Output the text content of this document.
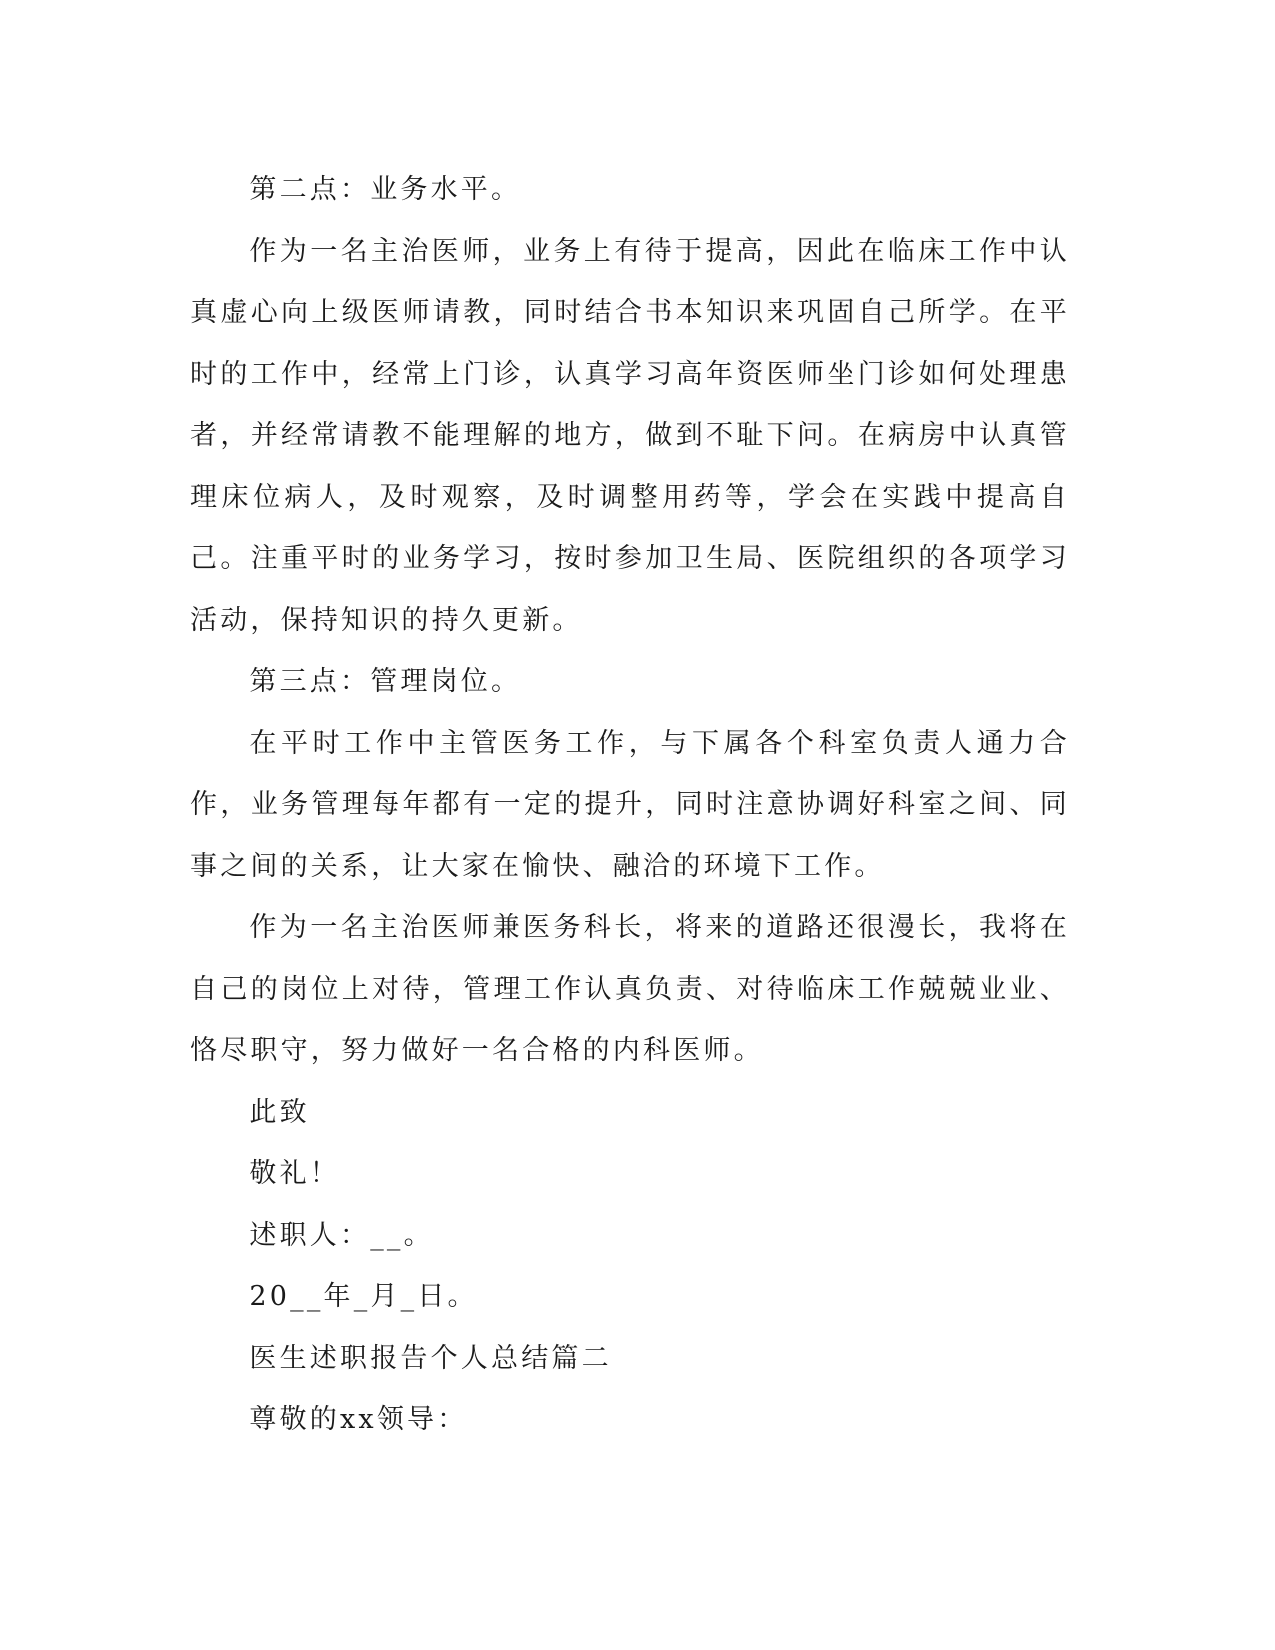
第二点：业务水平。

作为一名主治医师，业务上有待于提高，因此在临床工作中认真虚心向上级医师请教，同时结合书本知识来巩固自己所学。在平时的工作中，经常上门诊，认真学习高年资医师坐门诊如何处理患者，并经常请教不能理解的地方，做到不耻下问。在病房中认真管理床位病人，及时观察，及时调整用药等，学会在实践中提高自己。注重平时的业务学习，按时参加卫生局、医院组织的各项学习活动，保持知识的持久更新。

第三点：管理岗位。

在平时工作中主管医务工作，与下属各个科室负责人通力合作，业务管理每年都有一定的提升，同时注意协调好科室之间、同事之间的关系，让大家在愉快、融洽的环境下工作。

作为一名主治医师兼医务科长，将来的道路还很漫长，我将在自己的岗位上对待，管理工作认真负责、对待临床工作兢兢业业、恪尽职守，努力做好一名合格的内科医师。

此致

敬礼！

述职人：__。

20__年_月_日。

医生述职报告个人总结篇二

尊敬的xx领导：
